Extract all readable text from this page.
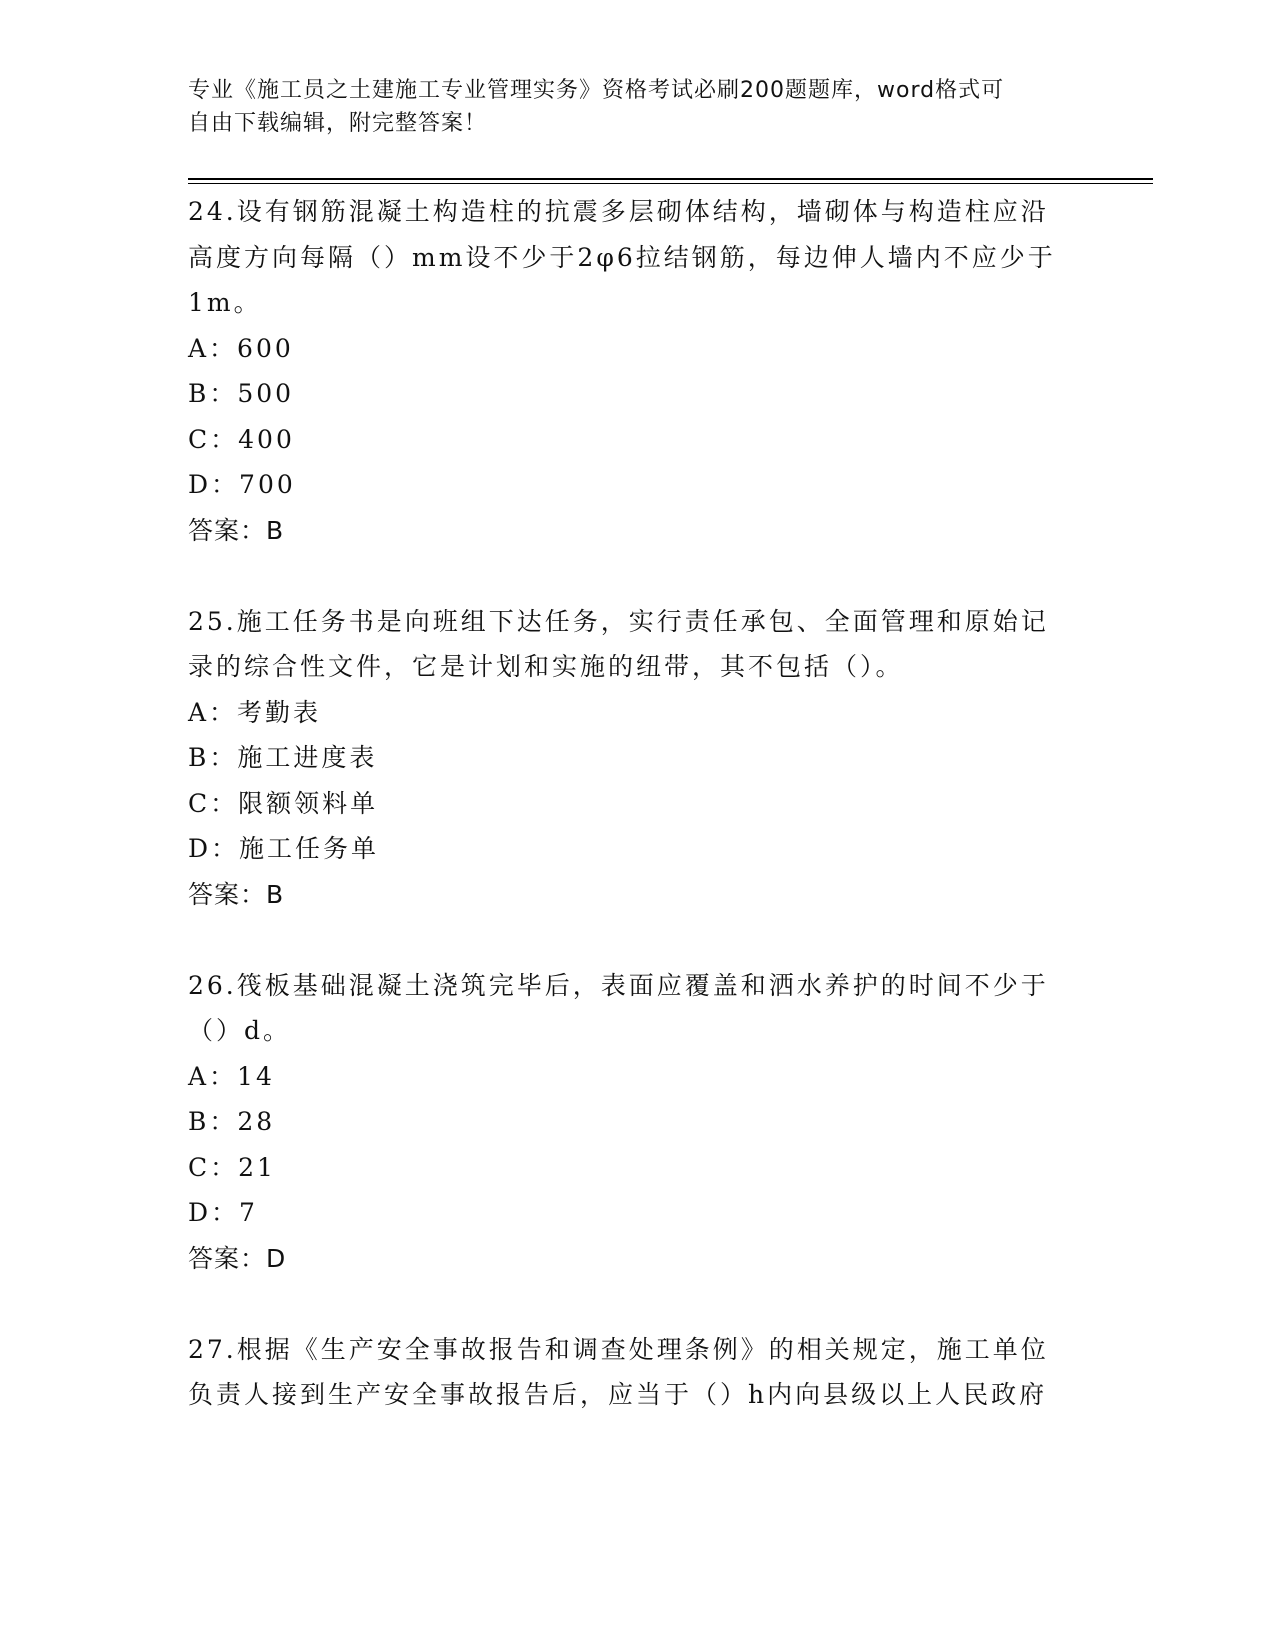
专业《施工员之土建施工专业管理实务》资格考试必刷200题题库，word格式可
自由下载编辑，附完整答案！

24.设有钢筋混凝土构造柱的抗震多层砌体结构，墙砌体与构造柱应沿

高度方向每隔（）mm设不少于2φ6拉结钢筋，每边伸人墙内不应少于

1m。

A：600

B：500

C：400

D：700

答案：B

25.施工任务书是向班组下达任务，实行责任承包、全面管理和原始记

录的综合性文件，它是计划和实施的纽带，其不包括（）。

A：考勤表

B：施工进度表

C：限额领料单

D：施工任务单

答案：B

26.筏板基础混凝土浇筑完毕后，表面应覆盖和洒水养护的时间不少于

（）d。

A：14

B：28

C：21

D：7

答案：D

27.根据《生产安全事故报告和调查处理条例》的相关规定，施工单位

负责人接到生产安全事故报告后，应当于（）h内向县级以上人民政府
